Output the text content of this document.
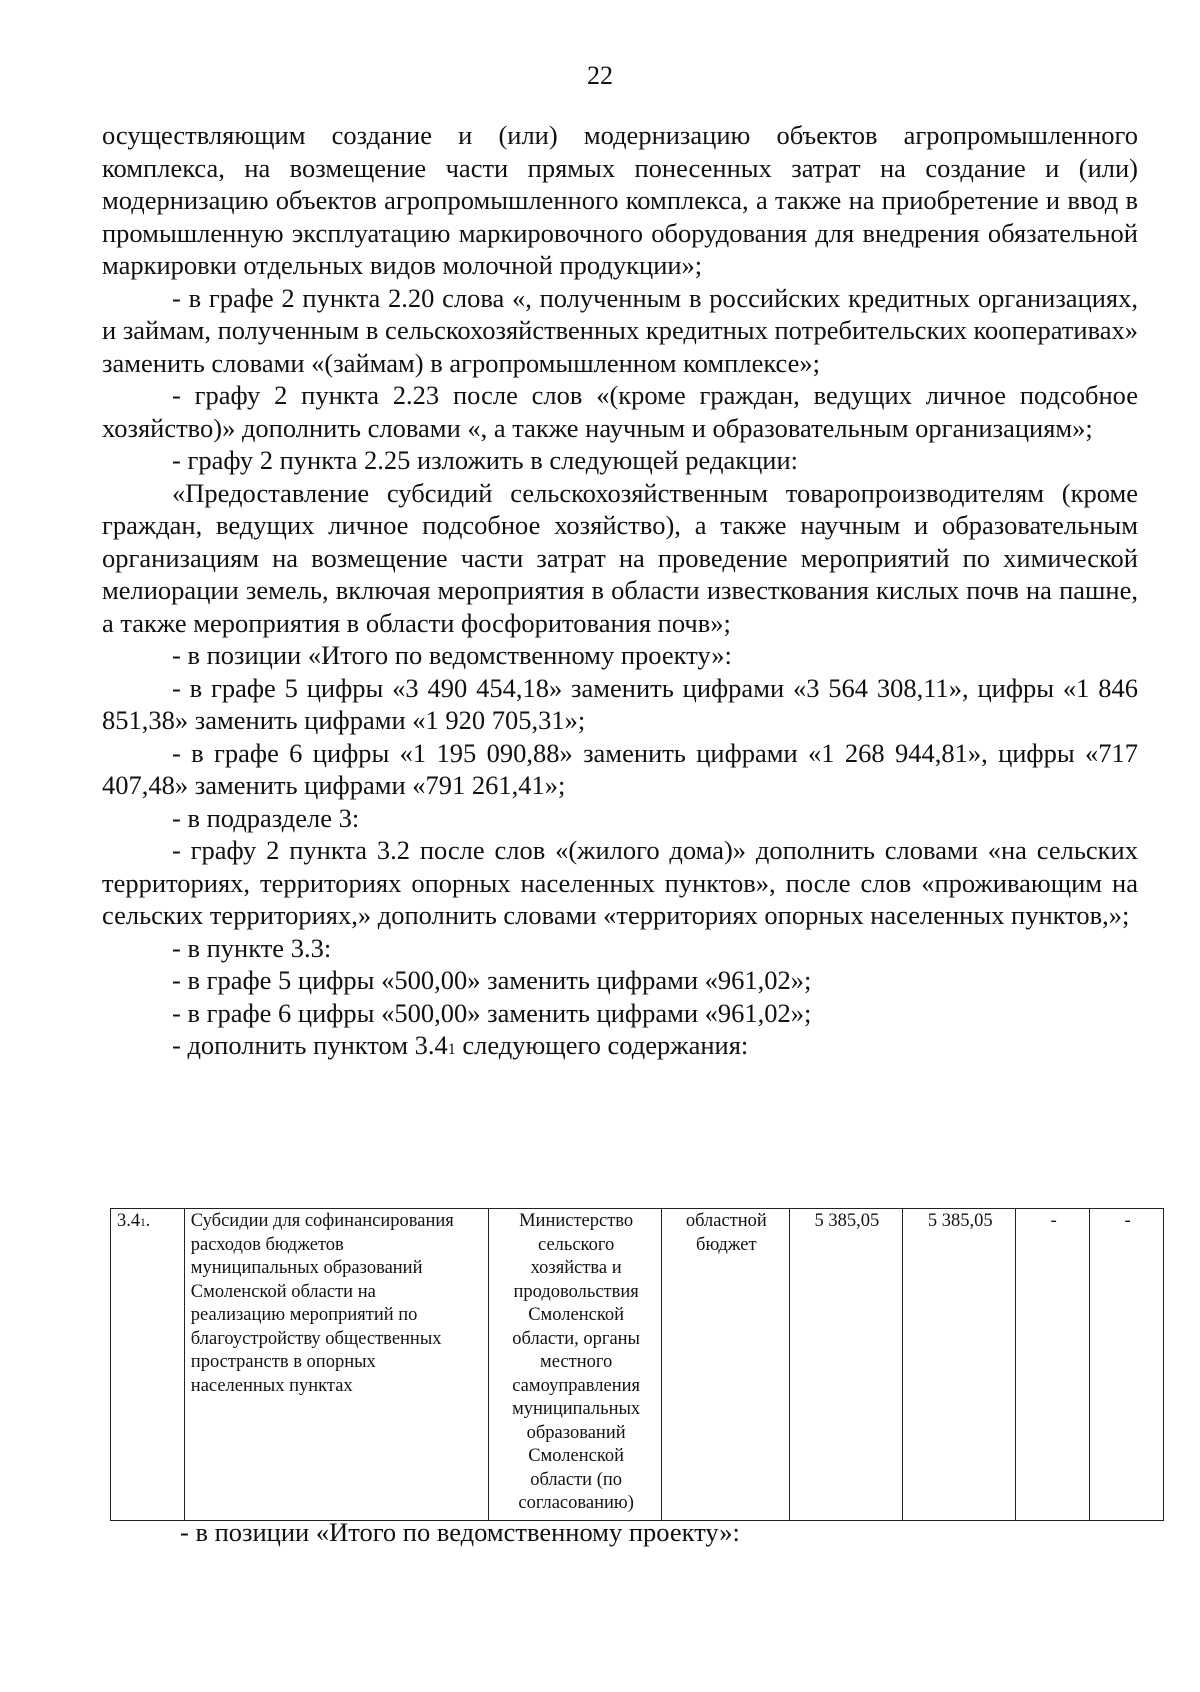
22

осуществляющим создание и (или) модернизацию объектов агропромышленного комплекса, на возмещение части прямых понесенных затрат на создание и (или) модернизацию объектов агропромышленного комплекса, а также на приобретение и ввод в промышленную эксплуатацию маркировочного оборудования для внедрения обязательной маркировки отдельных видов молочной продукции»;

- в графе 2 пункта 2.20 слова «, полученным в российских кредитных организациях, и займам, полученным в сельскохозяйственных кредитных потребительских кооперативах» заменить словами «(займам) в агропромышленном комплексе»;

- графу 2 пункта 2.23 после слов «(кроме граждан, ведущих личное подсобное хозяйство)» дополнить словами «, а также научным и образовательным организациям»;

- графу 2 пункта 2.25 изложить в следующей редакции:

«Предоставление субсидий сельскохозяйственным товаропроизводителям (кроме граждан, ведущих личное подсобное хозяйство), а также научным и образовательным организациям на возмещение части затрат на проведение мероприятий по химической мелиорации земель, включая мероприятия в области известкования кислых почв на пашне, а также мероприятия в области фосфоритования почв»;

- в позиции «Итого по ведомственному проекту»:

- в графе 5 цифры «3 490 454,18» заменить цифрами «3 564 308,11», цифры «1 846 851,38» заменить цифрами «1 920 705,31»;

- в графе 6 цифры «1 195 090,88» заменить цифрами «1 268 944,81», цифры «717 407,48» заменить цифрами «791 261,41»;

- в подразделе 3:

- графу 2 пункта 3.2 после слов «(жилого дома)» дополнить словами «на сельских территориях, территориях опорных населенных пунктов», после слов «проживающим на сельских территориях,» дополнить словами «территориях опорных населенных пунктов,»;

- в пункте 3.3:

- в графе 5 цифры «500,00» заменить цифрами «961,02»;

- в графе 6 цифры «500,00» заменить цифрами «961,02»;

- дополнить пунктом $3.4^1$ следующего содержания:

$3.4^1$.	Субсидии для софинансирования
расходов бюджетов
муниципальных образований
Смоленской области на
реализацию мероприятий по
благоустройству общественных
пространств в опорных
населенных пунктах	Министерство
сельского
хозяйства и
продовольствия
Смоленской
области, органы
местного
самоуправления
муниципальных
образований
Смоленской
области (по
согласованию)	областной
бюджет	5 385,05	5 385,05	-	-
- в позиции «Итого по ведомственному проекту»:
